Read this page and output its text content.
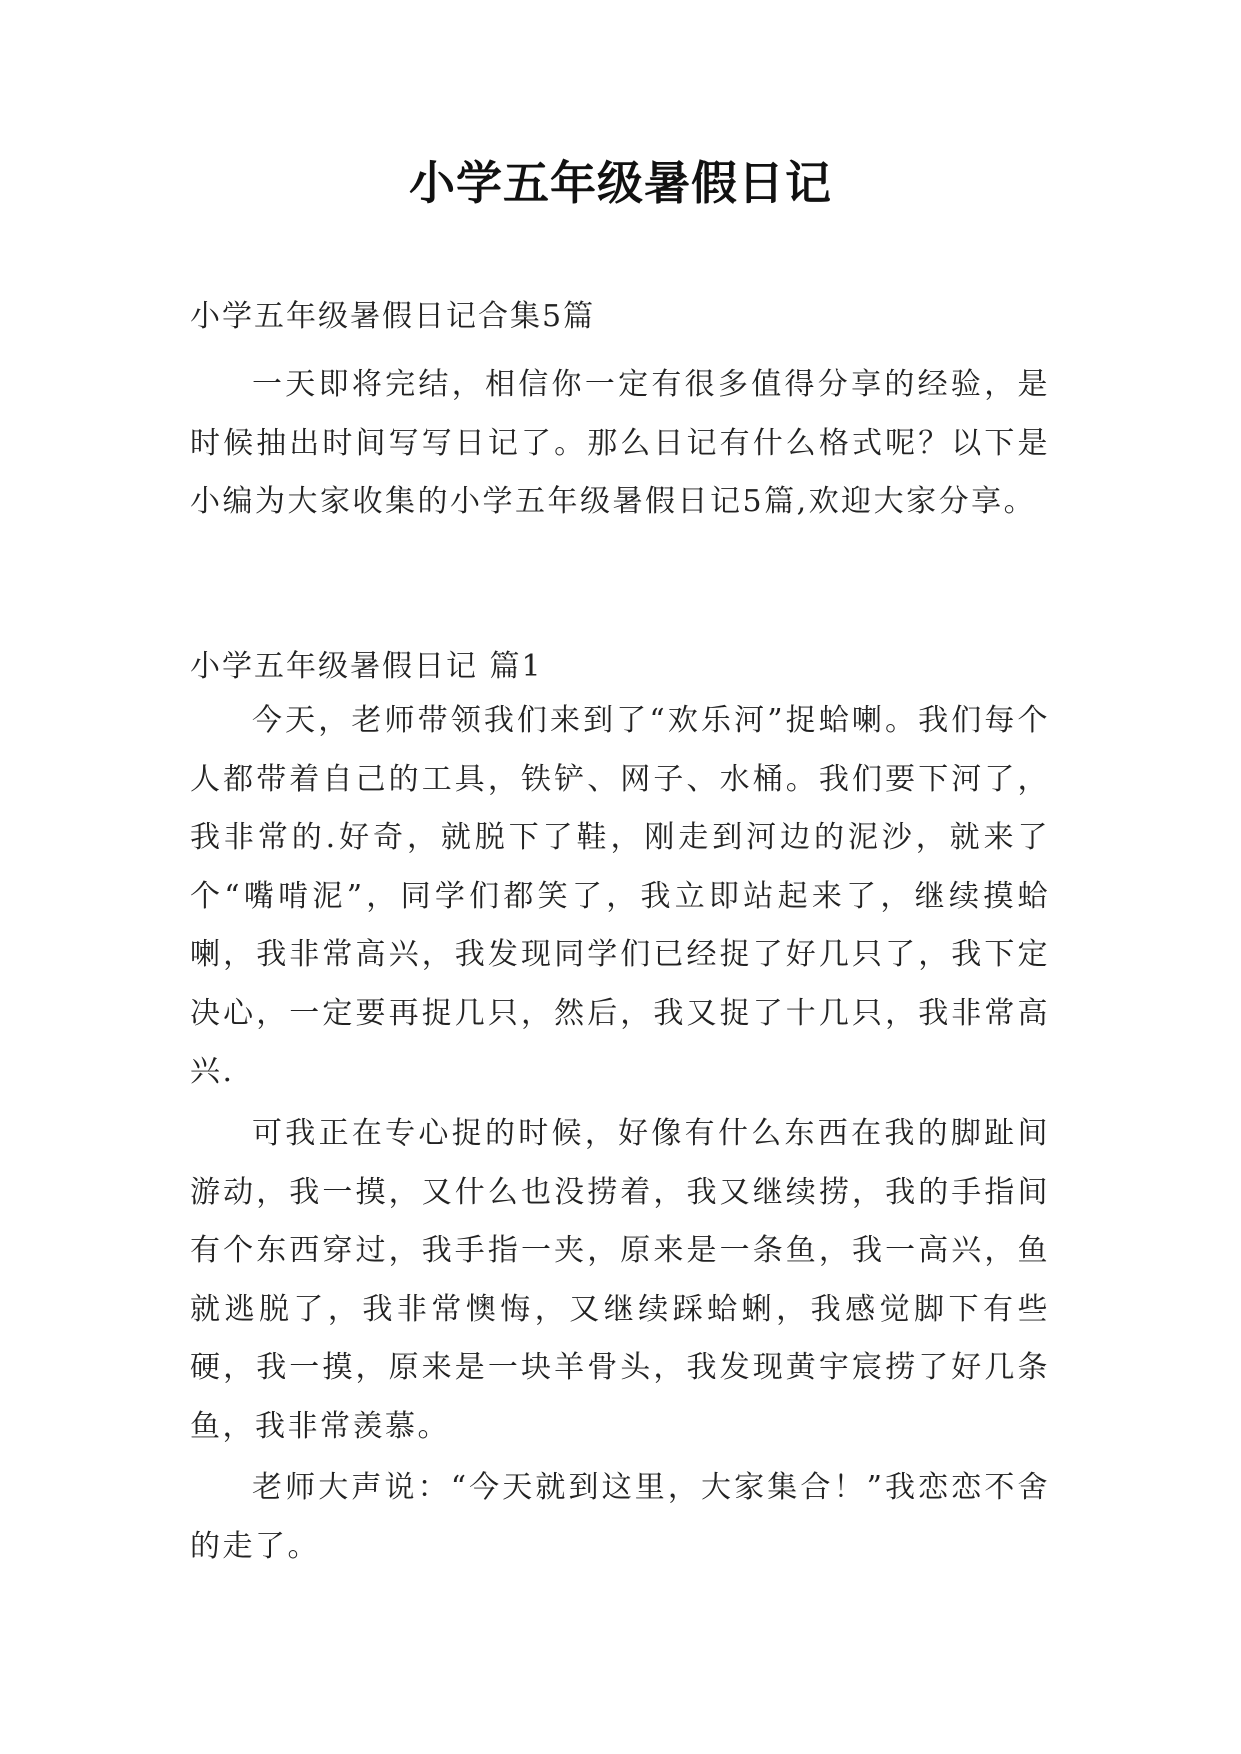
小学五年级暑假日记

小学五年级暑假日记合集5篇

一天即将完结，相信你一定有很多值得分享的经验，是时候抽出时间写写日记了。那么日记有什么格式呢？以下是小编为大家收集的小学五年级暑假日记5篇,欢迎大家分享。

小学五年级暑假日记 篇1

今天，老师带领我们来到了“欢乐河”捉蛤喇。我们每个人都带着自己的工具，铁铲、网子、水桶。我们要下河了，我非常的.好奇，就脱下了鞋，刚走到河边的泥沙，就来了个“嘴啃泥”，同学们都笑了，我立即站起来了，继续摸蛤喇，我非常高兴，我发现同学们已经捉了好几只了，我下定决心，一定要再捉几只，然后，我又捉了十几只，我非常高兴.

可我正在专心捉的时候，好像有什么东西在我的脚趾间游动，我一摸，又什么也没捞着，我又继续捞，我的手指间有个东西穿过，我手指一夹，原来是一条鱼，我一高兴，鱼就逃脱了，我非常懊悔，又继续踩蛤蜊，我感觉脚下有些硬，我一摸，原来是一块羊骨头，我发现黄宇宸捞了好几条鱼，我非常羡慕。

老师大声说：“今天就到这里，大家集合！”我恋恋不舍的走了。
